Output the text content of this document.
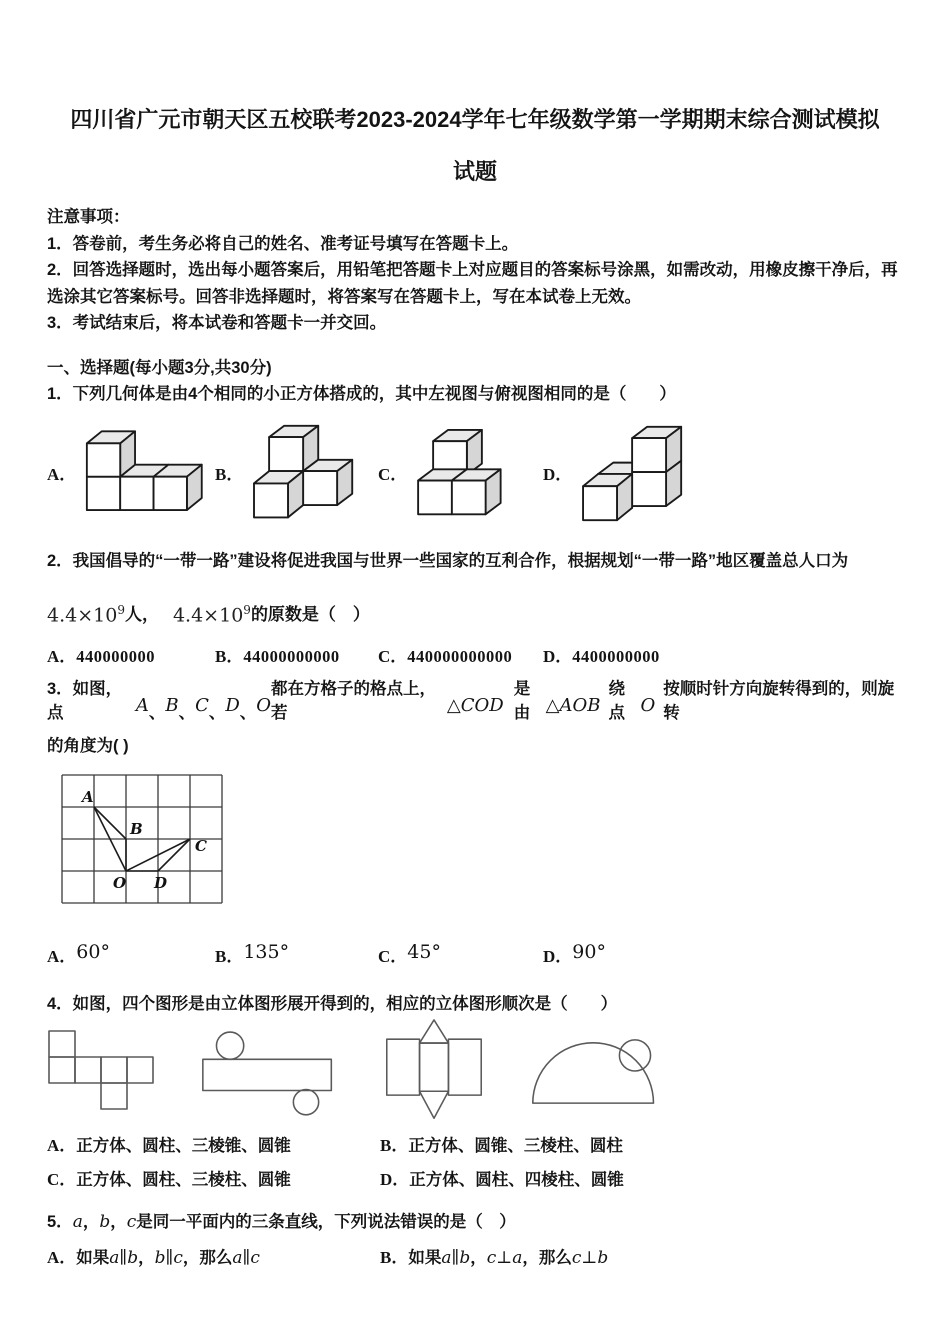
四川省广元市朝天区五校联考2023-2024学年七年级数学第一学期期末综合测试模拟
试题
注意事项：
1．答卷前，考生务必将自己的姓名、准考证号填写在答题卡上。
2．回答选择题时，选出每小题答案后，用铅笔把答题卡上对应题目的答案标号涂黑，如需改动，用橡皮擦干净后，再选涂其它答案标号。回答非选择题时，将答案写在答题卡上，写在本试卷上无效。
3．考试结束后，将本试卷和答题卡一并交回。
一、选择题(每小题3分,共30分)
1．下列几何体是由4个相同的小正方体搭成的，其中左视图与俯视图相同的是（　　）
A．	B．	C．	D．
2．我国倡导的“一带一路”建设将促进我国与世界一些国家的互利合作，根据规划“一带一路”地区覆盖总人口为
$4.4\times 10^9$ 人， $4.4\times 10^9$ 的原数是（　）
A．440000000	B．44000000000	C．440000000000	D．4400000000
3．如图，点	A 、 B 、 C 、 D 、 O
都在方格子的格点上，若	△COD
是由 △AOB
绕点 O
按顺时针方向旋转得到的，则旋转
的角度为( )
A
B
C
O D
A．60°	B．135°	C．45°	D．90°
4．如图，四个图形是由立体图形展开得到的，相应的立体图形顺次是（　　）
A．正方体、圆柱、三棱锥、圆锥	B．正方体、圆锥、三棱柱、圆柱
C．正方体、圆柱、三棱柱、圆锥	D．正方体、圆柱、四棱柱、圆锥
5．a，b，c是同一平面内的三条直线，下列说法错误的是（　）
A．如果a∥b，b∥c，那么a∥c	B．如果a∥b，c⊥a，那么c⊥b
